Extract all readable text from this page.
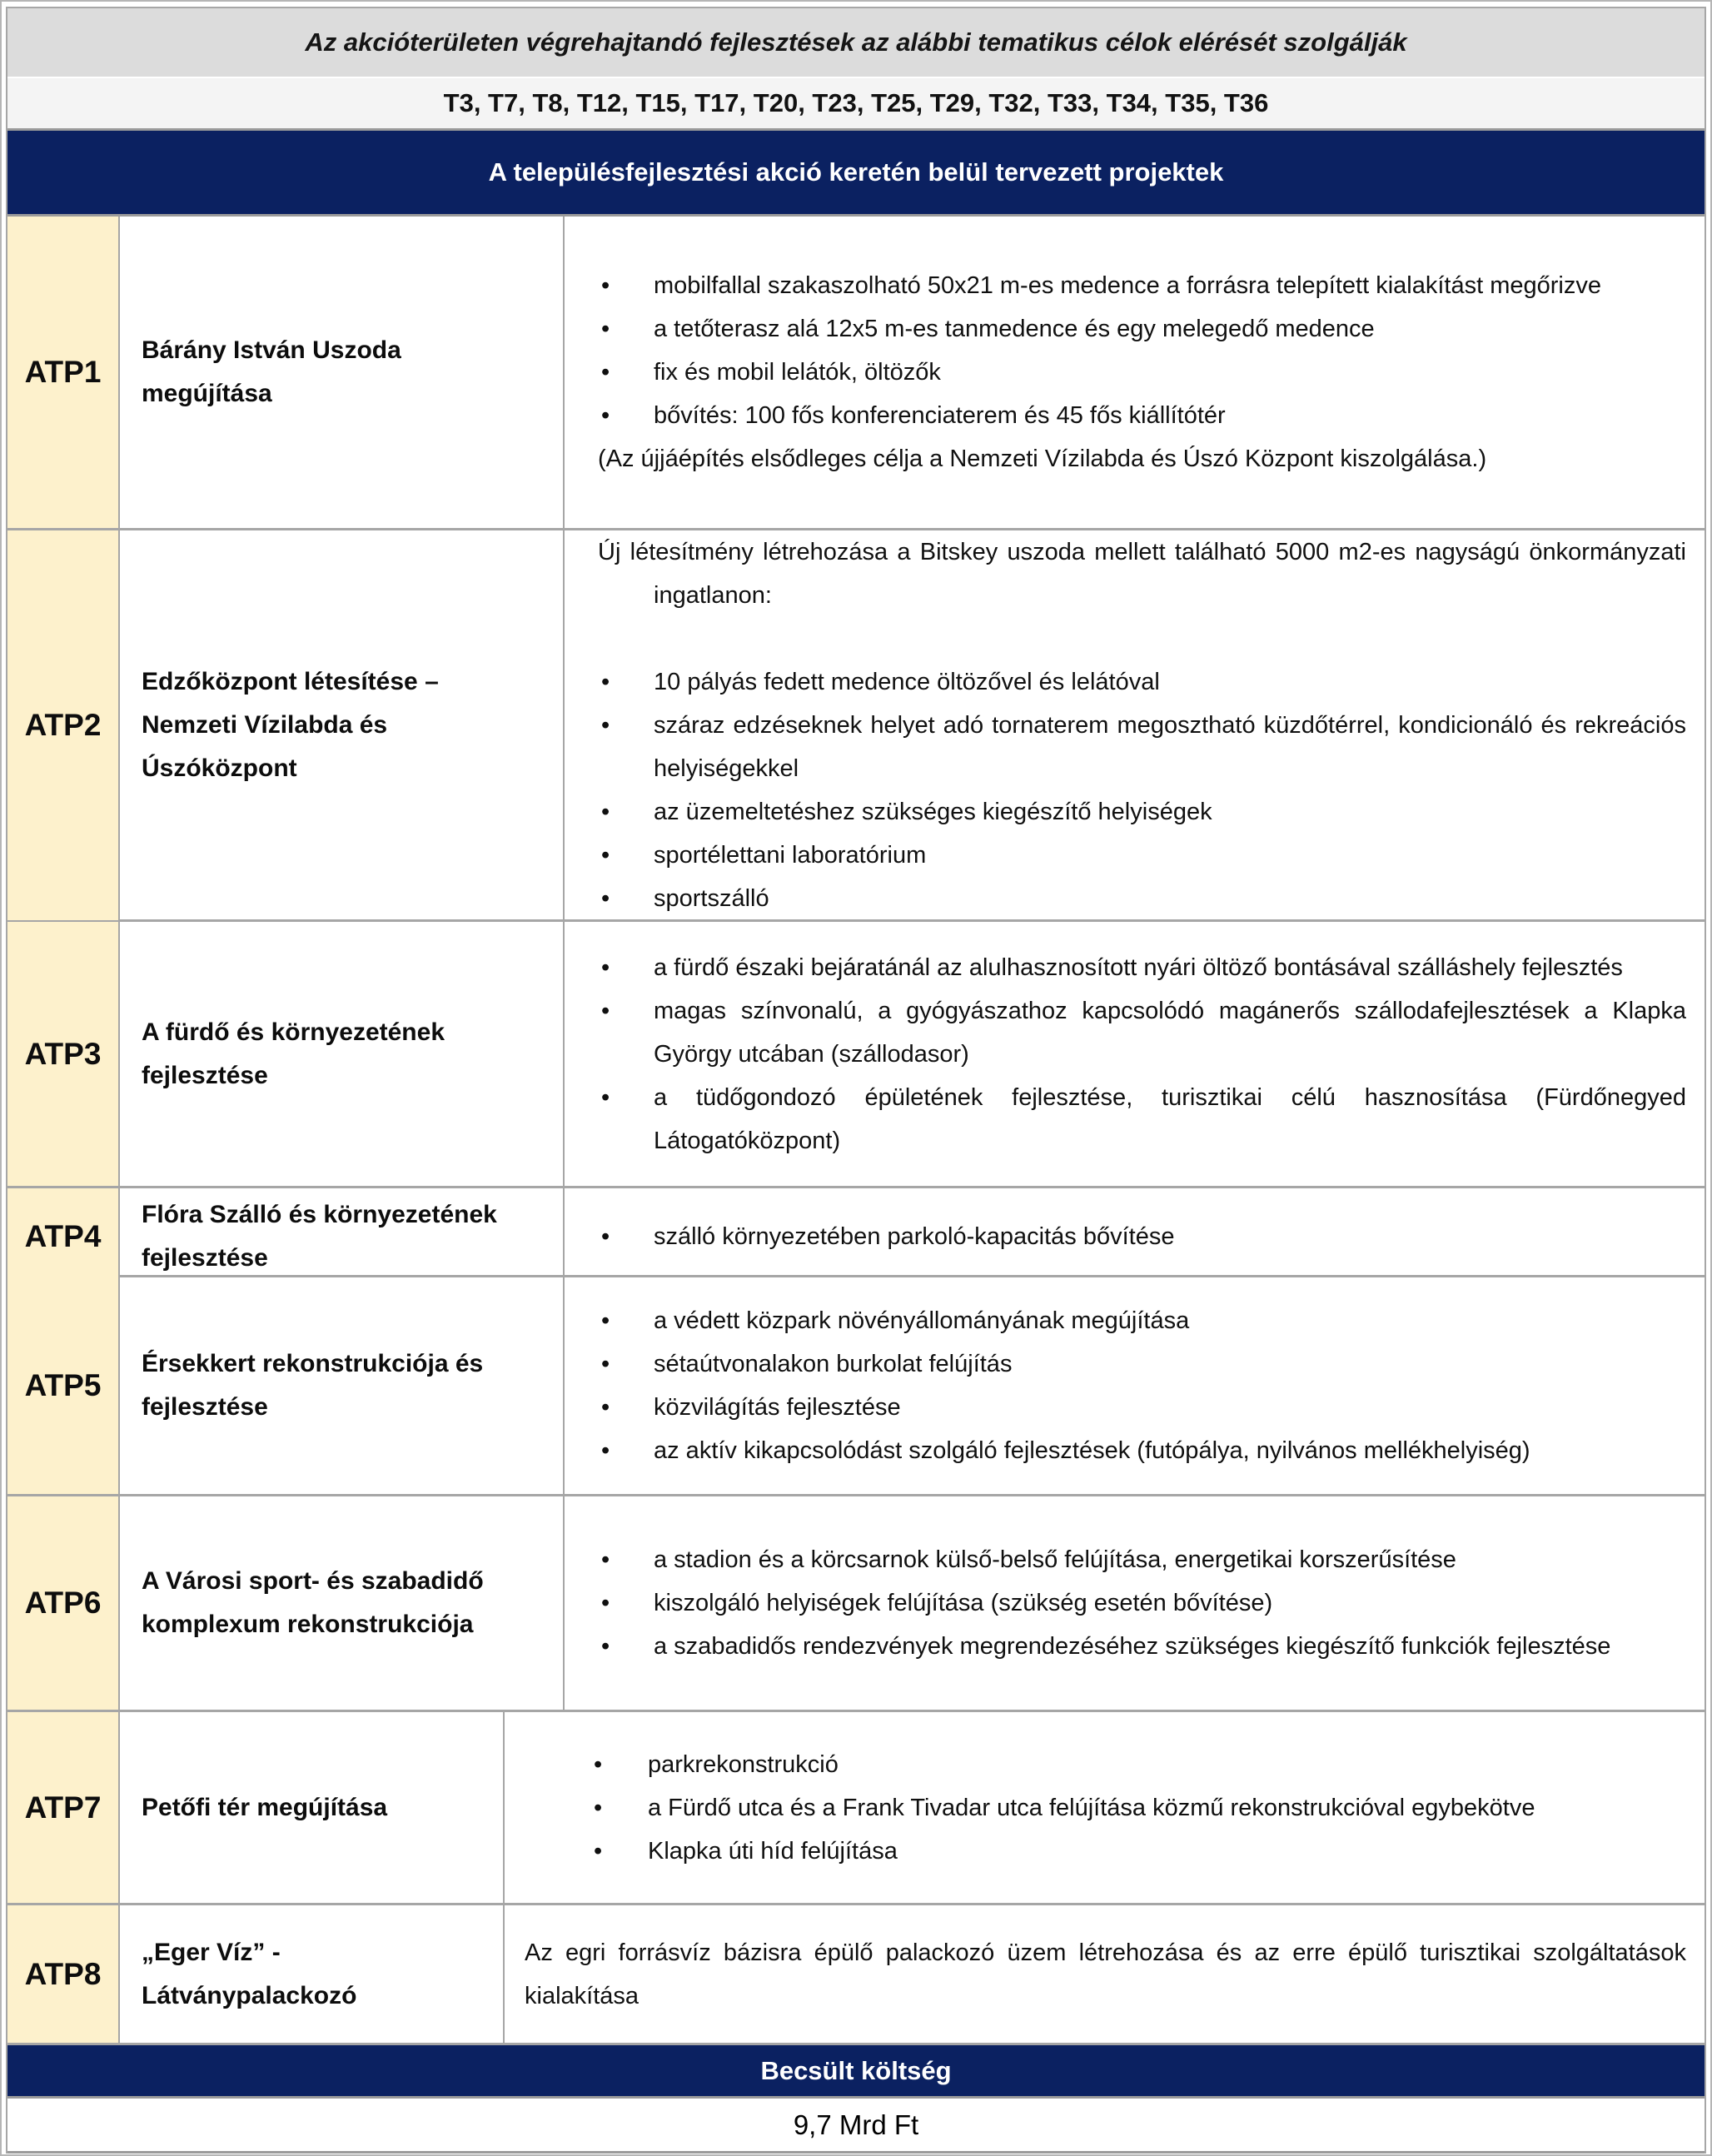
Az akcióterületen végrehajtandó fejlesztések az alábbi tematikus célok elérését szolgálják
T3, T7, T8, T12, T15, T17, T20, T23, T25, T29, T32, T33, T34, T35, T36
A településfejlesztési akció keretén belül tervezett projektek
ATP1
Bárány István Uszoda megújítása
• mobilfallal szakaszolható 50x21 m-es medence a forrásra telepített kialakítást megőrizve
• a tetőterasz alá 12x5 m-es tanmedence és egy melegedő medence
• fix és mobil lelátók, öltözők
• bővítés: 100 fős konferenciaterem és 45 fős kiállítótér

(Az újjáépítés elsődleges célja a Nemzeti Vízilabda és Úszó Központ kiszolgálása.)

ATP2
Edzőközpont létesítése – Nemzeti Vízilabda és Úszóközpont

Új létesítmény létrehozása a Bitskey uszoda mellett található 5000 m2-es nagyságú önkormányzati ingatlanon:

• 10 pályás fedett medence öltözővel és lelátóval
• száraz edzéseknek helyet adó tornaterem megosztható küzdőtérrel, kondicionáló és rekreációs helyiségekkel
• az üzemeltetéshez szükséges kiegészítő helyiségek
• sportélettani laboratórium
• sportszálló
ATP3
A fürdő és környezetének fejlesztése
• a fürdő északi bejáratánál az alulhasznosított nyári öltöző bontásával szálláshely fejlesztés
• magas színvonalú, a gyógyászathoz kapcsolódó magánerős szállodafejlesztések a Klapka György utcában (szállodasor)
• a tüdőgondozó épületének fejlesztése, turisztikai célú hasznosítása (Fürdőnegyed Látogatóközpont)
ATP4
Flóra Szálló és környezetének fejlesztése
• szálló környezetében parkoló-kapacitás bővítése
ATP5
Érsekkert rekonstrukciója és fejlesztése
• a védett közpark növényállományának megújítása
• sétaútvonalakon burkolat felújítás
• közvilágítás fejlesztése
• az aktív kikapcsolódást szolgáló fejlesztések (futópálya, nyilvános mellékhelyiség)
ATP6
A Városi sport- és szabadidő komplexum rekonstrukciója
• a stadion és a körcsarnok külső-belső felújítása, energetikai korszerűsítése
• kiszolgáló helyiségek felújítása (szükség esetén bővítése)
• a szabadidős rendezvények megrendezéséhez szükséges kiegészítő funkciók fejlesztése
ATP7 Petőfi tér megújítása
• parkrekonstrukció
• a Fürdő utca és a Frank Tivadar utca felújítása közmű rekonstrukcióval egybekötve
• Klapka úti híd felújítása
ATP8
„Eger Víz” - Látványpalackozó

Az egri forrásvíz bázisra épülő palackozó üzem létrehozása és az erre épülő turisztikai szolgáltatások kialakítása

Becsült költség
9,7 Mrd Ft
